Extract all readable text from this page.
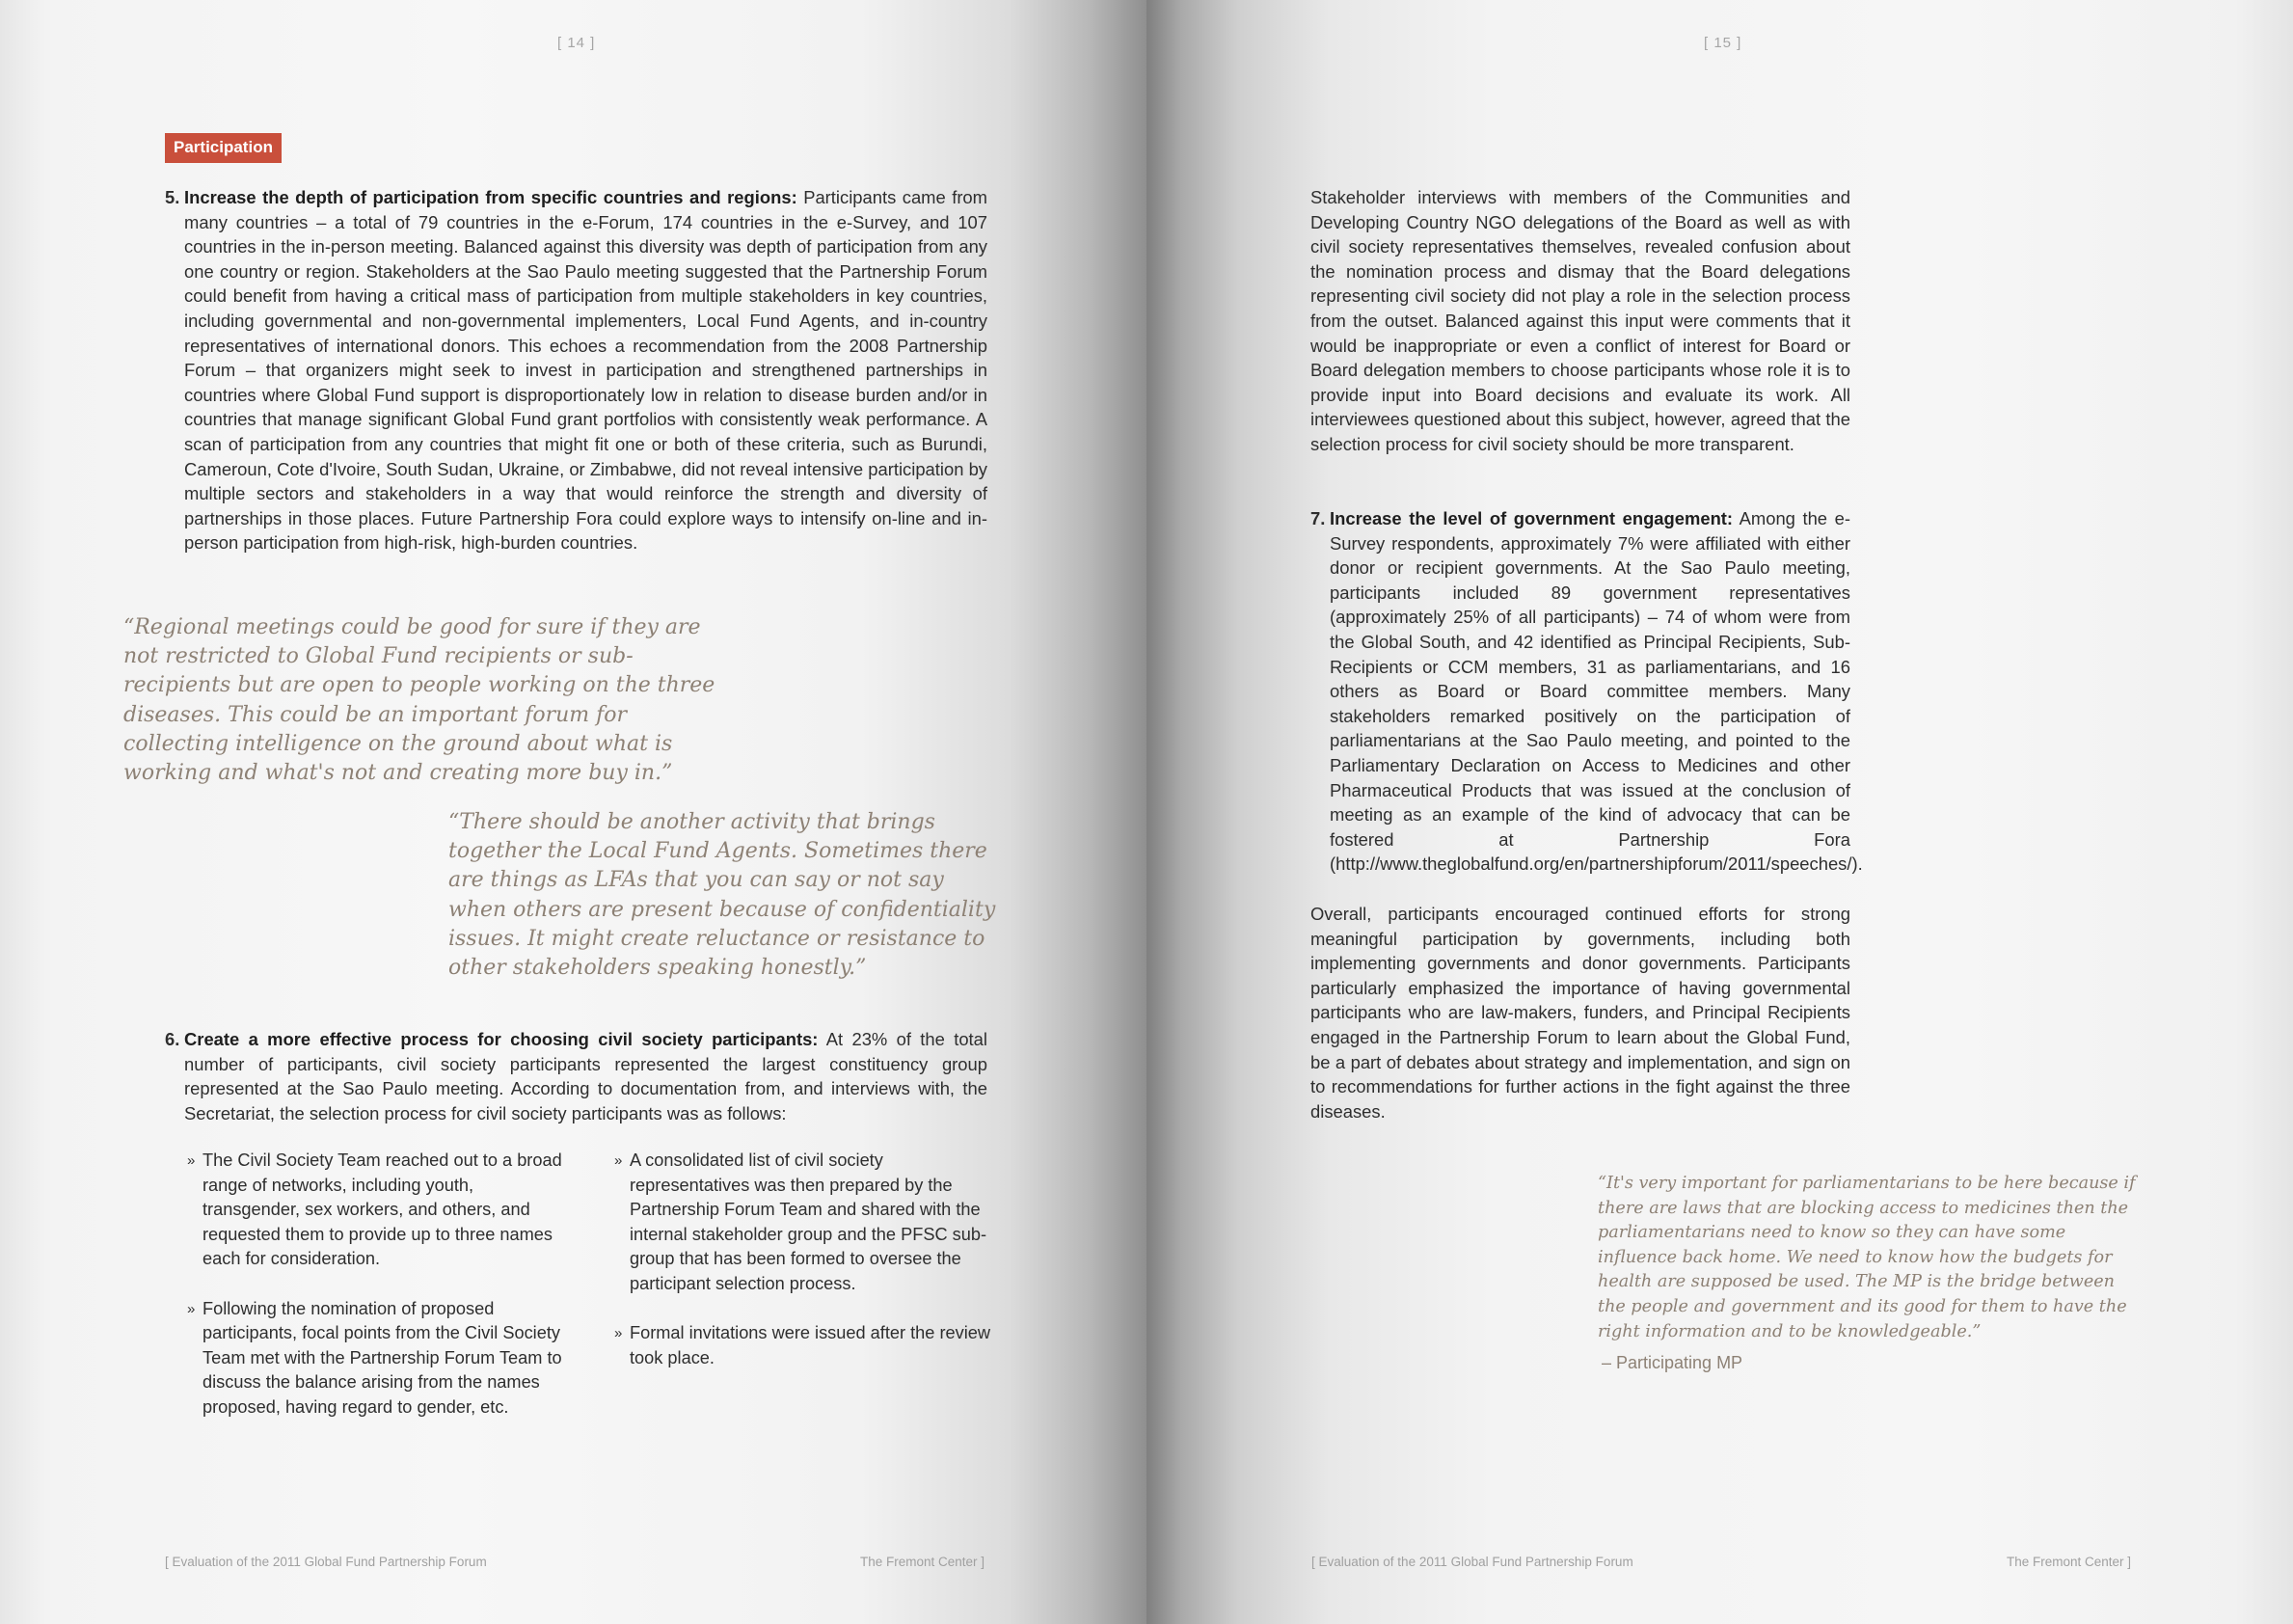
[ 14 ]
Participation
5. Increase the depth of participation from specific countries and regions: Participants came from many countries – a total of 79 countries in the e-Forum, 174 countries in the e-Survey, and 107 countries in the in-person meeting. Balanced against this diversity was depth of participation from any one country or region. Stakeholders at the Sao Paulo meeting suggested that the Partnership Forum could benefit from having a critical mass of participation from multiple stakeholders in key countries, including governmental and non-governmental implementers, Local Fund Agents, and in-country representatives of international donors. This echoes a recommendation from the 2008 Partnership Forum – that organizers might seek to invest in participation and strengthened partnerships in countries where Global Fund support is disproportionately low in relation to disease burden and/or in countries that manage significant Global Fund grant portfolios with consistently weak performance. A scan of participation from any countries that might fit one or both of these criteria, such as Burundi, Cameroun, Cote d'Ivoire, South Sudan, Ukraine, or Zimbabwe, did not reveal intensive participation by multiple sectors and stakeholders in a way that would reinforce the strength and diversity of partnerships in those places. Future Partnership Fora could explore ways to intensify on-line and in-person participation from high-risk, high-burden countries.

“Regional meetings could be good for sure if they are not restricted to Global Fund recipients or sub-recipients but are open to people working on the three diseases. This could be an important forum for collecting intelligence on the ground about what is working and what's not and creating more buy in.”
“There should be another activity that brings together the Local Fund Agents. Sometimes there are things as LFAs that you can say or not say when others are present because of confidentiality issues. It might create reluctance or resistance to other stakeholders speaking honestly.”
6. Create a more effective process for choosing civil society participants: At 23% of the total number of participants, civil society participants represented the largest constituency group represented at the Sao Paulo meeting. According to documentation from, and interviews with, the Secretariat, the selection process for civil society participants was as follows:

» The Civil Society Team reached out to a broad range of networks, including youth, transgender, sex workers, and others, and requested them to provide up to three names each for consideration.
» Following the nomination of proposed participants, focal points from the Civil Society Team met with the Partnership Forum Team to discuss the balance arising from the names proposed, having regard to gender, etc.
» A consolidated list of civil society representatives was then prepared by the Partnership Forum Team and shared with the internal stakeholder group and the PFSC sub-group that has been formed to oversee the participant selection process.
» Formal invitations were issued after the review took place.
[ Evaluation of the 2011 Global Fund Partnership Forum	The Fremont Center ]
[ 15 ]

Stakeholder interviews with members of the Communities and Developing Country NGO delegations of the Board as well as with civil society representatives themselves, revealed confusion about the nomination process and dismay that the Board delegations representing civil society did not play a role in the selection process from the outset. Balanced against this input were comments that it would be inappropriate or even a conflict of interest for Board or Board delegation members to choose participants whose role it is to provide input into Board decisions and evaluate its work. All interviewees questioned about this subject, however, agreed that the selection process for civil society should be more transparent.

7. Increase the level of government engagement: Among the e-Survey respondents, approximately 7% were affiliated with either donor or recipient governments. At the Sao Paulo meeting, participants included 89 government representatives (approximately 25% of all participants) – 74 of whom were from the Global South, and 42 identified as Principal Recipients, Sub-Recipients or CCM members, 31 as parliamentarians, and 16 others as Board or Board committee members. Many stakeholders remarked positively on the participation of parliamentarians at the Sao Paulo meeting, and pointed to the Parliamentary Declaration on Access to Medicines and other Pharmaceutical Products that was issued at the conclusion of meeting as an example of the kind of advocacy that can be fostered at Partnership Fora (http://www.theglobalfund.org/en/partnershipforum/2011/speeches/).

Overall, participants encouraged continued efforts for strong meaningful participation by governments, including both implementing governments and donor governments. Participants particularly emphasized the importance of having governmental participants who are law-makers, funders, and Principal Recipients engaged in the Partnership Forum to learn about the Global Fund, be a part of debates about strategy and implementation, and sign on to recommendations for further actions in the fight against the three diseases.

“It's very important for parliamentarians to be here because if there are laws that are blocking access to medicines then the parliamentarians need to know so they can have some influence back home. We need to know how the budgets for health are supposed be used. The MP is the bridge between the people and government and its good for them to have the right information and to be knowledgeable.”
– Participating MP
[ Evaluation of the 2011 Global Fund Partnership Forum	The Fremont Center ]
